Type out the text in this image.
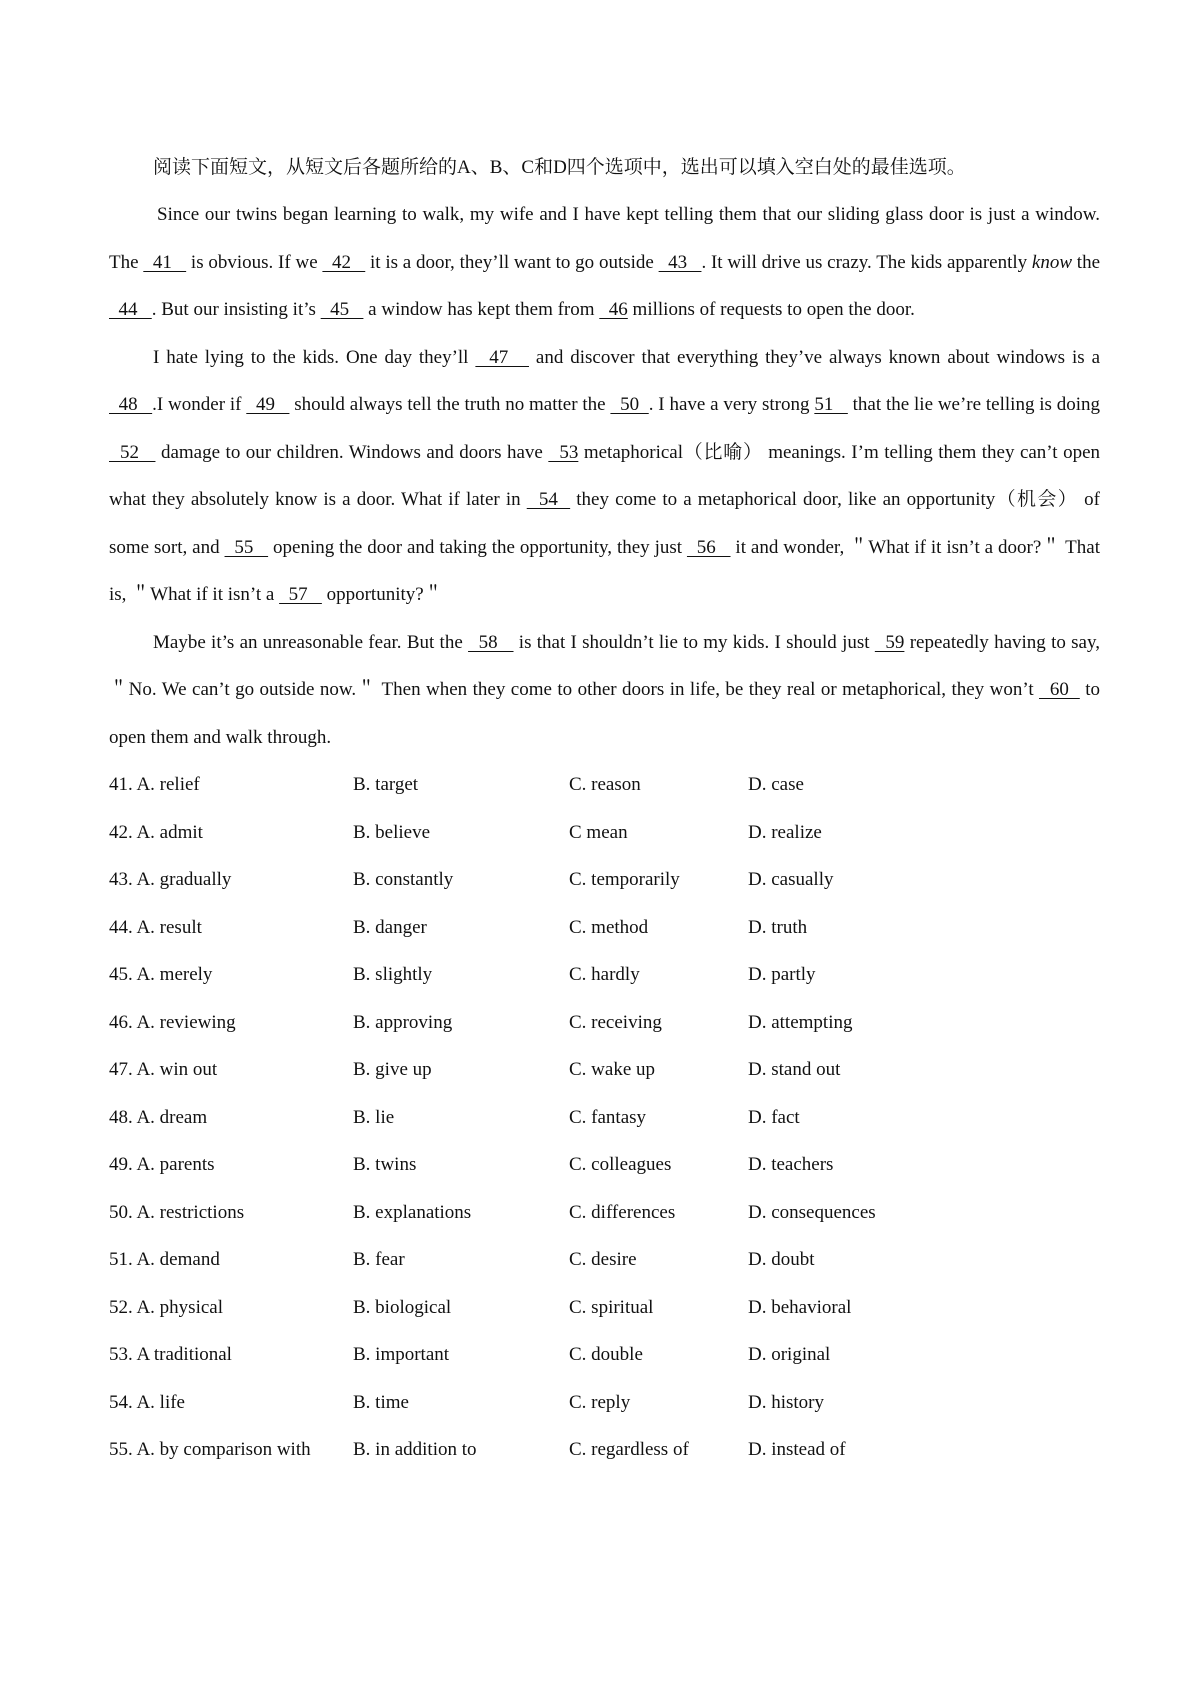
阅读下面短文，从短文后各题所给的A、B、C和D四个选项中，选出可以填入空白处的最佳选项。

Since our twins began learning to walk, my wife and I have kept telling them that our sliding glass door is just a window. The   41    is obvious. If we   42    it is a door, they’ll want to go outside   43   . It will drive us crazy. The kids apparently know the   44   . But our insisting it’s   45    a window has kept them from   46 millions of requests to open the door.

I hate lying to the kids. One day they’ll   47    and discover that everything they’ve always known about windows is a   48   .I wonder if   49    should always tell the truth no matter the   50  . I have a very strong 51    that the lie we’re telling is doing   52    damage to our children. Windows and doors have   53 metaphorical（比喻） meanings. I’m telling them they can’t open what they absolutely know is a door. What if later in   54   they come to a metaphorical door, like an opportunity（机会） of some sort, and   55    opening the door and taking the opportunity, they just   56    it and wonder, ＂What if it isn’t a door?＂ That is, ＂What if it isn’t a   57    opportunity?＂

Maybe it’s an unreasonable fear. But the   58    is that I shouldn’t lie to my kids. I should just   59 repeatedly having to say, ＂No. We can’t go outside now.＂ Then when they come to other doors in life, be they real or metaphorical, they won’t   60   to open them and walk through.

41. A. relief	B. target	C. reason	D. case
42. A. admit	B. believe	C mean	D. realize
43. A. gradually	B. constantly	C. temporarily	D. casually
44. A. result	B. danger	C. method	D. truth
45. A. merely	B. slightly	C. hardly	D. partly
46. A. reviewing	B. approving	C. receiving	D. attempting
47. A. win out	B. give up	C. wake up	D. stand out
48. A. dream	B. lie	C. fantasy	D. fact
49. A. parents	B. twins	C. colleagues	D. teachers
50. A. restrictions	B. explanations	C. differences	D. consequences
51. A. demand	B. fear	C. desire	D. doubt
52. A. physical	B. biological	C. spiritual	D. behavioral
53. A traditional	B. important	C. double	D. original
54. A. life	B. time	C. reply	D. history
55. A. by comparison with B. in addition to	C. regardless of	D. instead of
